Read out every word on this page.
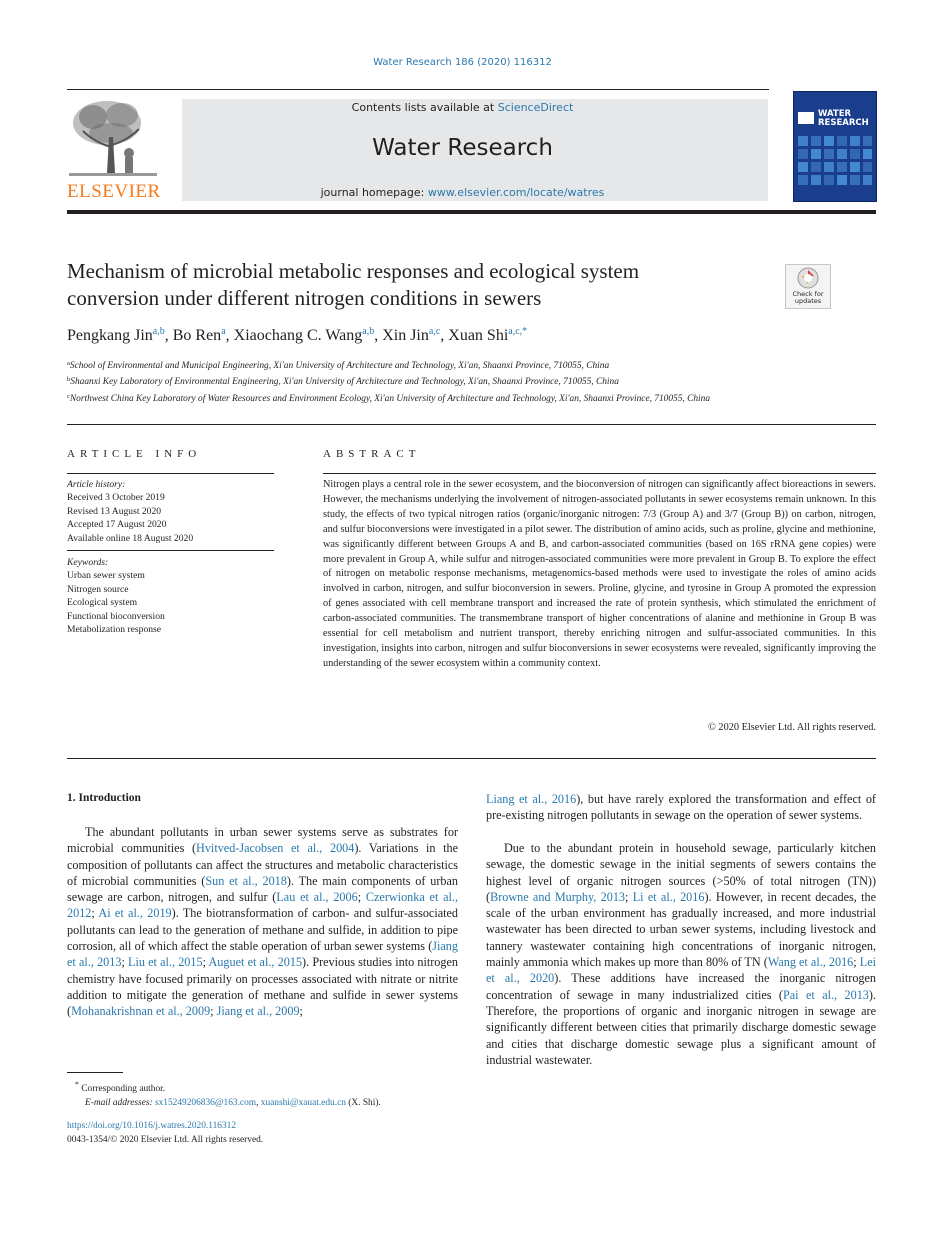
Water Research 186 (2020) 116312
ELSEVIER
Contents lists available at ScienceDirect
Water Research
journal homepage: www.elsevier.com/locate/watres
WATER
RESEARCH
Mechanism of microbial metabolic responses and ecological system
conversion under different nitrogen conditions in sewers	Check for
updates
Pengkang Jin$^{a,b}$, Bo Ren$^a$, Xiaochang C. Wang$^{a,b}$, Xin Jin$^{a,c}$, Xuan Shi$^{a,c,*}$
$^a$School of Environmental and Municipal Engineering, Xi'an University of Architecture and Technology, Xi'an, Shaanxi Province, 710055, China
$^b$Shaanxi Key Laboratory of Environmental Engineering, Xi'an University of Architecture and Technology, Xi'an, Shaanxi Province, 710055, China
$^c$Northwest China Key Laboratory of Water Resources and Environment Ecology, Xi'an University of Architecture and Technology, Xi'an, Shaanxi Province, 710055, China
ARTICLE INFO	ABSTRACT
Article history:
Received 3 October 2019
Revised 13 August 2020
Accepted 17 August 2020
Available online 18 August 2020
Keywords:
Urban sewer system
Nitrogen source
Ecological system
Functional bioconversion
Metabolization response
Nitrogen plays a central role in the sewer ecosystem, and the bioconversion of nitrogen can significantly affect bioreactions in sewers. However, the mechanisms underlying the involvement of nitrogen-associated pollutants in sewer ecosystems remain unknown. In this study, the effects of two typical nitrogen ratios (organic/inorganic nitrogen: 7/3 (Group A) and 3/7 (Group B)) on carbon, nitrogen, and sulfur bioconversions were investigated in a pilot sewer. The distribution of amino acids, such as proline, glycine and methionine, was significantly different between Groups A and B, and carbon-associated communities (based on 16S rRNA gene copies) were more prevalent in Group A, while sulfur and nitrogen-associated communities were more prevalent in Group B. To explore the effect of nitrogen on metabolic response mechanisms, metagenomics-based methods were used to investigate the roles of amino acids involved in carbon, nitrogen, and sulfur bioconversion in sewers. Proline, glycine, and tyrosine in Group A promoted the expression of genes associated with cell membrane transport and increased the rate of protein synthesis, which stimulated the enrichment of carbon-associated communities. The transmembrane transport of higher concentrations of alanine and methionine in Group B was essential for cell metabolism and nutrient transport, thereby enriching nitrogen and sulfur-associated communities. In this investigation, insights into carbon, nitrogen and sulfur bioconversions in sewer ecosystems were revealed, significantly improving the understanding of the sewer ecosystem within a community context.
© 2020 Elsevier Ltd. All rights reserved.
1. Introduction
The abundant pollutants in urban sewer systems serve as substrates for microbial communities (Hvitved-Jacobsen et al., 2004). Variations in the composition of pollutants can affect the structures and metabolic characteristics of microbial communities (Sun et al., 2018). The main components of urban sewage are carbon, nitrogen, and sulfur (Lau et al., 2006; Czerwionka et al., 2012; Ai et al., 2019). The biotransformation of carbon- and sulfur-associated pollutants can lead to the generation of methane and sulfide, in addition to pipe corrosion, all of which affect the stable operation of urban sewer systems (Jiang et al., 2013; Liu et al., 2015; Auguet et al., 2015). Previous studies into nitrogen chemistry have focused primarily on processes associated with nitrate or nitrite addition to mitigate the generation of methane and sulfide in sewer systems (Mohanakrishnan et al., 2009; Jiang et al., 2009;
Liang et al., 2016), but have rarely explored the transformation and effect of pre-existing nitrogen pollutants in sewage on the operation of sewer systems.
Due to the abundant protein in household sewage, particularly kitchen sewage, the domestic sewage in the initial segments of sewers contains the highest level of organic nitrogen sources (>50% of total nitrogen (TN)) (Browne and Murphy, 2013; Li et al., 2016). However, in recent decades, the scale of the urban environment has gradually increased, and more industrial wastewater has been directed to urban sewer systems, including livestock and tannery wastewater containing high concentrations of inorganic nitrogen, mainly ammonia which makes up more than 80% of TN (Wang et al., 2016; Lei et al., 2020). These additions have increased the inorganic nitrogen concentration of sewage in many industrialized cities (Pai et al., 2013). Therefore, the proportions of organic and inorganic nitrogen in sewage are significantly different between cities that primarily discharge domestic sewage and cities that discharge domestic sewage plus a significant amount of industrial wastewater.
* Corresponding author.
E-mail addresses: sx15249206836@163.com, xuanshi@xauat.edu.cn (X. Shi).
https://doi.org/10.1016/j.watres.2020.116312
0043-1354/© 2020 Elsevier Ltd. All rights reserved.
